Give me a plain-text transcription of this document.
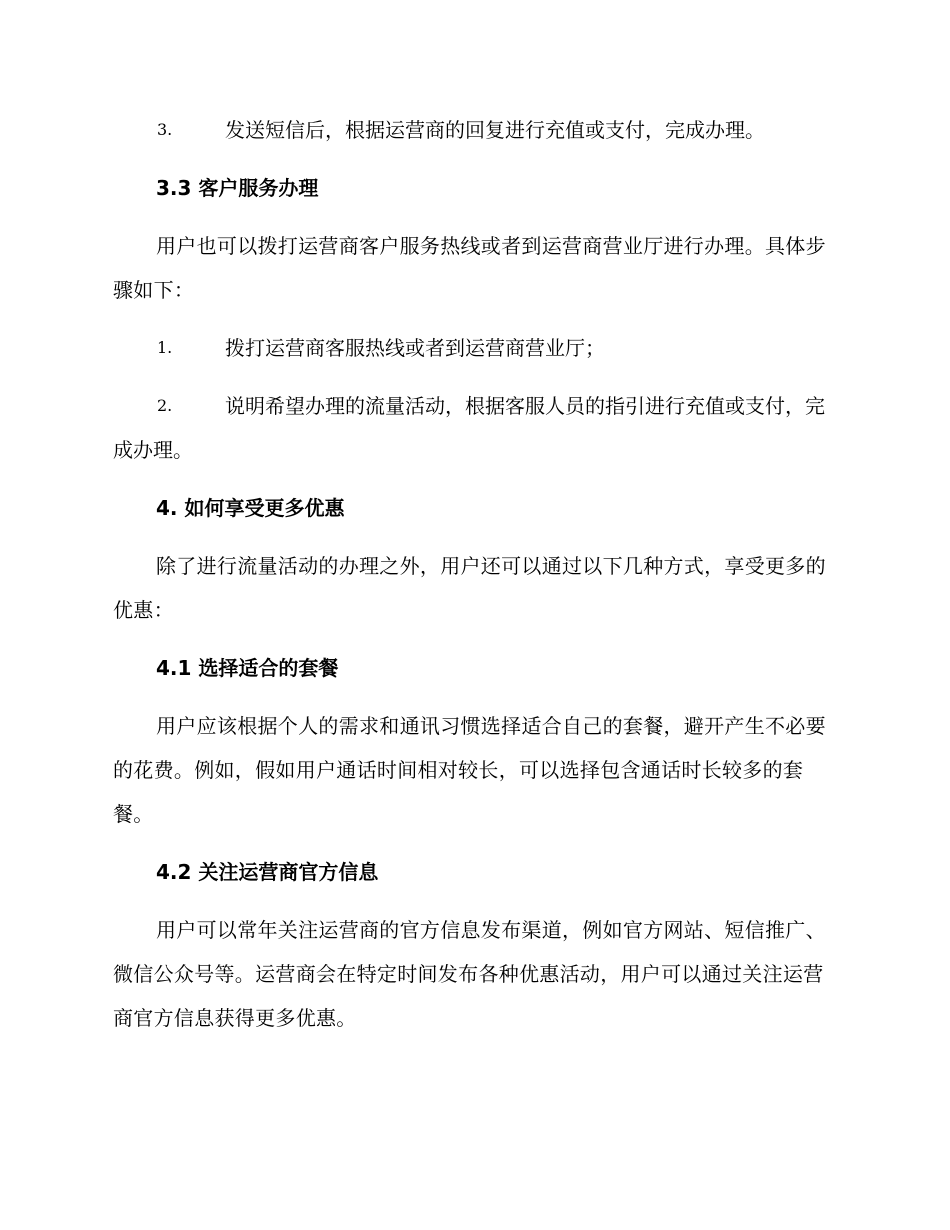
3.	发送短信后，根据运营商的回复进行充值或支付，完成办理。
3.3 客户服务办理

用户也可以拨打运营商客户服务热线或者到运营商营业厅进行办理。具体步骤如下：

1.	拨打运营商客服热线或者到运营商营业厅；
2.	说明希望办理的流量活动，根据客服人员的指引进行充值或支付，完成办理。
4. 如何享受更多优惠

除了进行流量活动的办理之外，用户还可以通过以下几种方式，享受更多的优惠：

4.1 选择适合的套餐

用户应该根据个人的需求和通讯习惯选择适合自己的套餐，避开产生不必要的花费。例如，假如用户通话时间相对较长，可以选择包含通话时长较多的套餐。

4.2 关注运营商官方信息

用户可以常年关注运营商的官方信息发布渠道，例如官方网站、短信推广、微信公众号等。运营商会在特定时间发布各种优惠活动，用户可以通过关注运营商官方信息获得更多优惠。
